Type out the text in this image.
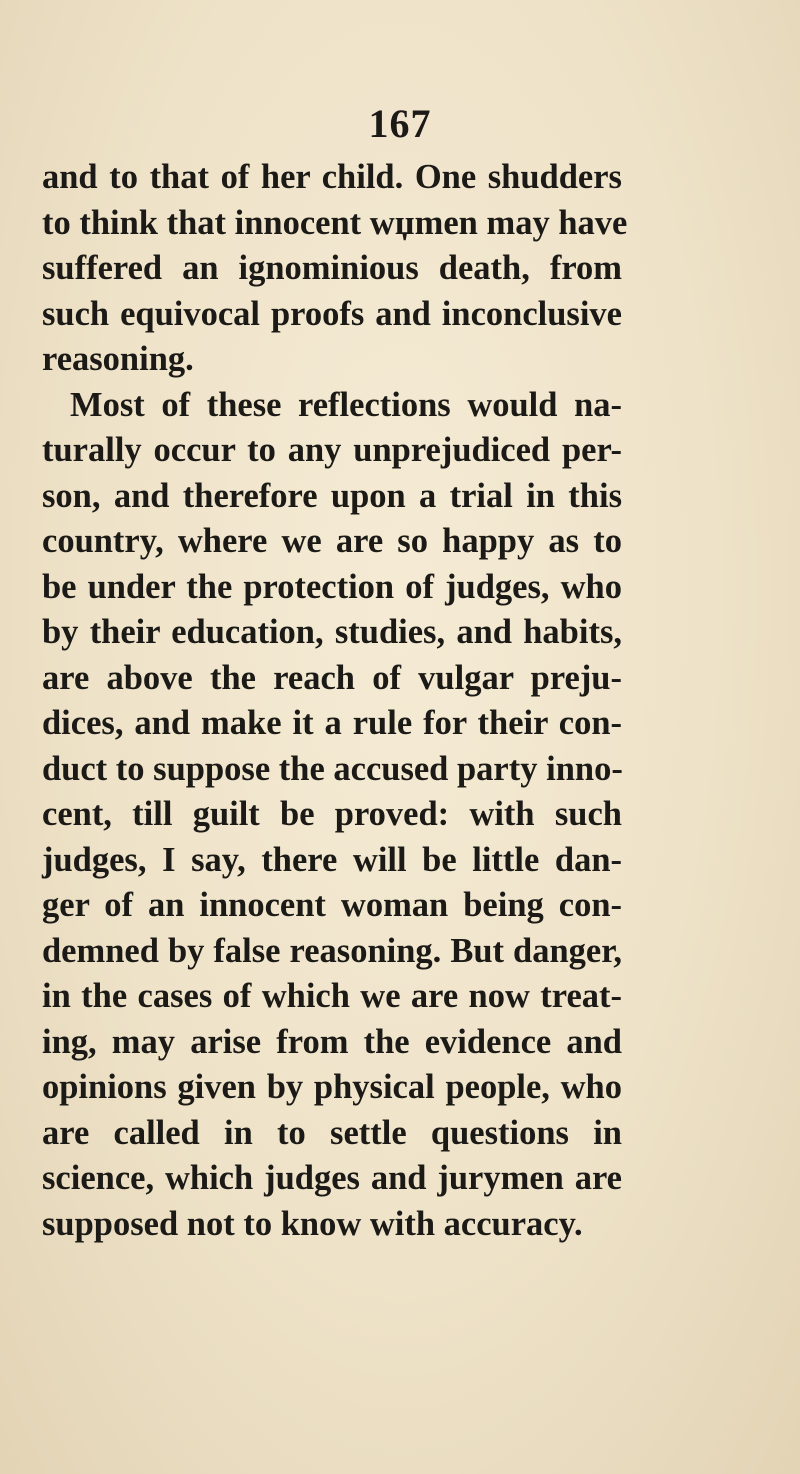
167
and to that of her child. One shudders
to think that innocent wџmen may have
suffered an ignominious death, from
such equivocal proofs and inconclusive
reasoning.
Most of these reflections would na-
turally occur to any unprejudiced per-
son, and therefore upon a trial in this
country, where we are so happy as to
be under the protection of judges, who
by their education, studies, and habits,
are above the reach of vulgar preju-
dices, and make it a rule for their con-
duct to suppose the accused party inno-
cent, till guilt be proved: with such
judges, I say, there will be little dan-
ger of an innocent woman being con-
demned by false reasoning. But danger,
in the cases of which we are now treat-
ing, may arise from the evidence and
opinions given by physical people, who
are called in to settle questions in
science, which judges and jurymen are
supposed not to know with accuracy.
